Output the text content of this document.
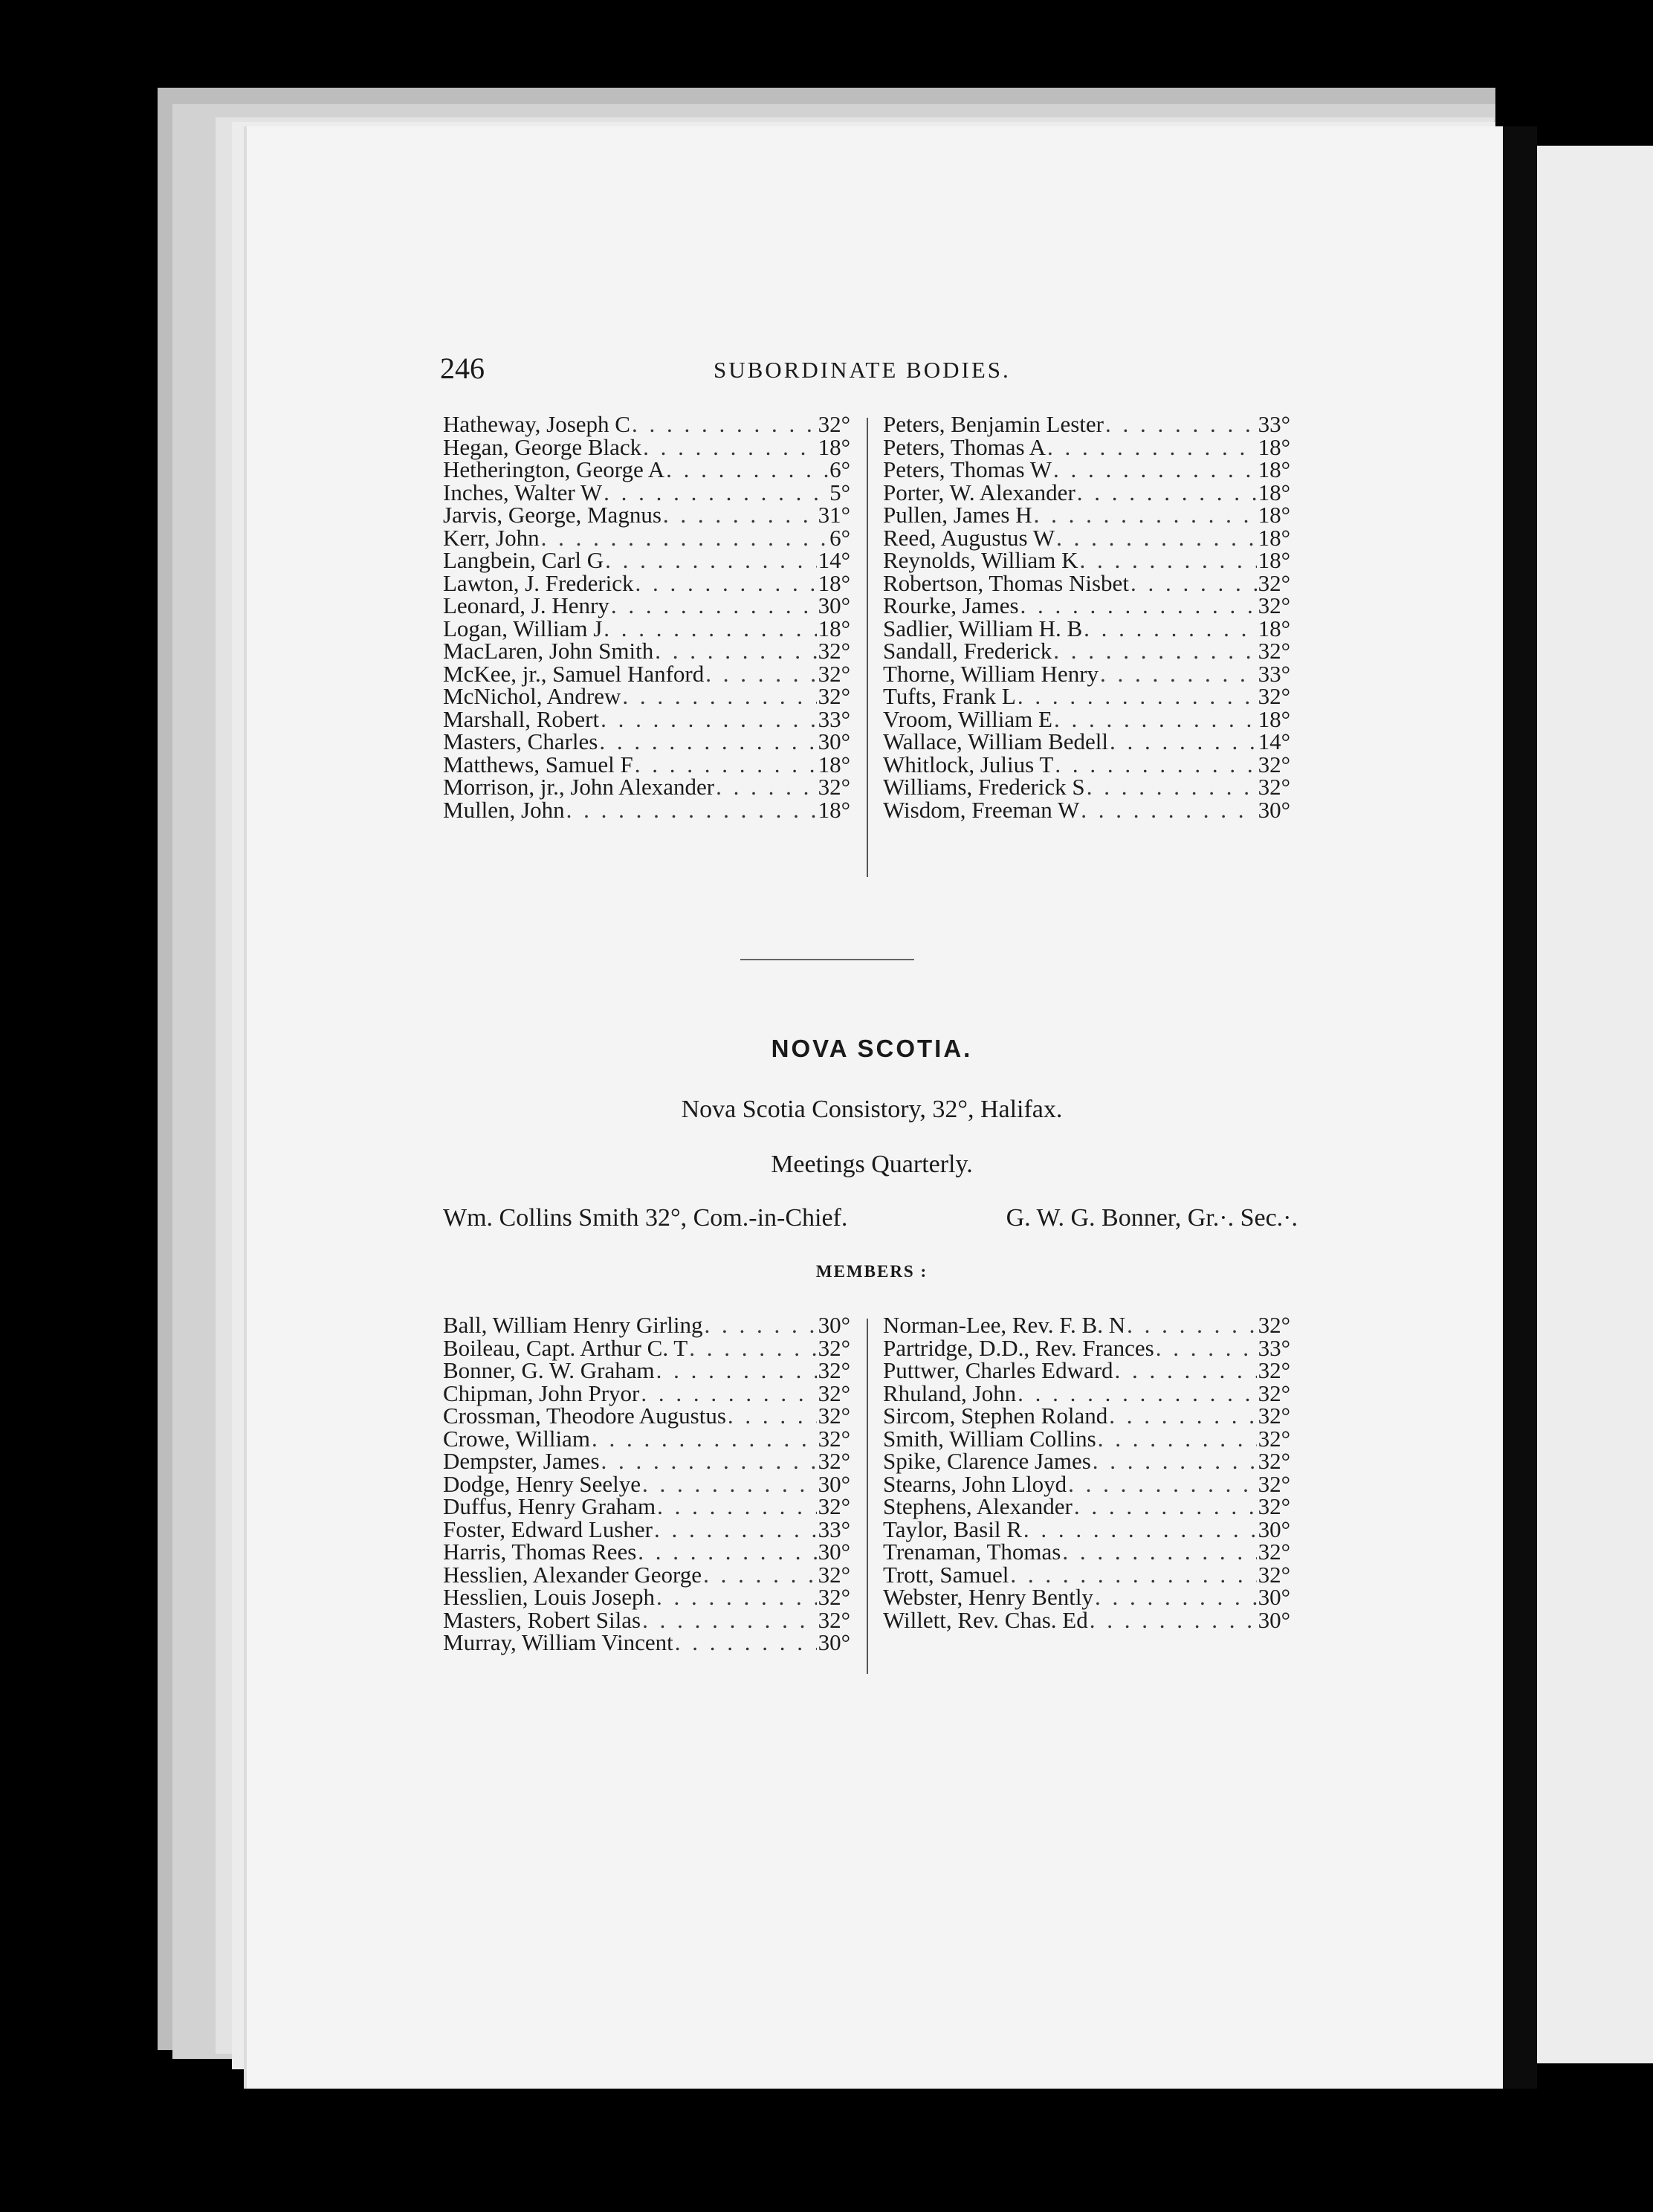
246	SUBORDINATE BODIES.
Hatheway, Joseph C . . .	32°
Hegan, George Black . . .	18°
Hetherington, George A . . .	6°
Inches, Walter W . . .	5°
Jarvis, George, Magnus . . .	31°
Kerr, John . . .	6°
Langbein, Carl G . . .	14°
Lawton, J. Frederick . . .	18°
Leonard, J. Henry . . .	30°
Logan, William J . . .	18°
MacLaren, John Smith . . .	32°
McKee, jr., Samuel Hanford . . .	32°
McNichol, Andrew . . .	32°
Marshall, Robert . . .	33°
Masters, Charles . . .	30°
Matthews, Samuel F . . .	18°
Morrison, jr., John Alexander . . .	32°
Mullen, John . . .	18°
Peters, Benjamin Lester . . .	33°
Peters, Thomas A . . .	18°
Peters, Thomas W . . .	18°
Porter, W. Alexander . . .	18°
Pullen, James H . . .	18°
Reed, Augustus W . . .	18°
Reynolds, William K . . .	18°
Robertson, Thomas Nisbet . . .	32°
Rourke, James . . .	32°
Sadlier, William H. B . . .	18°
Sandall, Frederick . . .	32°
Thorne, William Henry . . .	33°
Tufts, Frank L . . .	32°
Vroom, William E . . .	18°
Wallace, William Bedell . . .	14°
Whitlock, Julius T . . .	32°
Williams, Frederick S . . .	32°
Wisdom, Freeman W . . .	30°
NOVA SCOTIA.
Nova Scotia Consistory, 32°, Halifax.
Meetings Quarterly.
Wm. Collins Smith 32°, Com.-in-Chief.	G. W. G. Bonner, Gr.·. Sec.·.
MEMBERS :
Ball, William Henry Girling . . .	30°
Boileau, Capt. Arthur C. T . . .	32°
Bonner, G. W. Graham . . .	32°
Chipman, John Pryor . . .	32°
Crossman, Theodore Augustus . . .	32°
Crowe, William . . .	32°
Dempster, James . . .	32°
Dodge, Henry Seelye . . .	30°
Duffus, Henry Graham . . .	32°
Foster, Edward Lusher . . .	33°
Harris, Thomas Rees . . .	30°
Hesslien, Alexander George . . .	32°
Hesslien, Louis Joseph . . .	32°
Masters, Robert Silas . . .	32°
Murray, William Vincent . . .	30°
Norman-Lee, Rev. F. B. N . . .	32°
Partridge, D.D., Rev. Frances . . .	33°
Puttwer, Charles Edward . . .	32°
Rhuland, John . . .	32°
Sircom, Stephen Roland . . .	32°
Smith, William Collins . . .	32°
Spike, Clarence James . . .	32°
Stearns, John Lloyd . . .	32°
Stephens, Alexander . . .	32°
Taylor, Basil R . . .	30°
Trenaman, Thomas . . .	32°
Trott, Samuel . . .	32°
Webster, Henry Bently . . .	30°
Willett, Rev. Chas. Ed . . .	30°
